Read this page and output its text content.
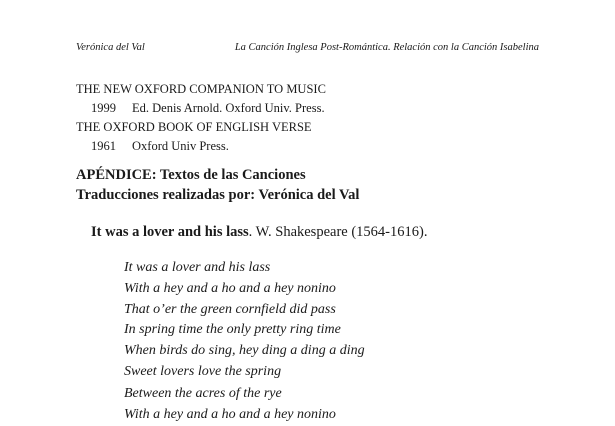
Verónica del Val	La Canción Inglesa Post-Romántica. Relación con la Canción Isabelina
THE NEW OXFORD COMPANION TO MUSIC
1999 Ed. Denis Arnold. Oxford Univ. Press.
THE OXFORD BOOK OF ENGLISH VERSE
1961 Oxford Univ Press.
APÉNDICE: Textos de las Canciones
Traducciones realizadas por: Verónica del Val
It was a lover and his lass. W. Shakespeare (1564-1616).
It was a lover and his lass
With a hey and a ho and a hey nonino
That o’er the green cornfield did pass
In spring time the only pretty ring time
When birds do sing, hey ding a ding a ding
Sweet lovers love the spring
Between the acres of the rye
With a hey and a ho and a hey nonino
